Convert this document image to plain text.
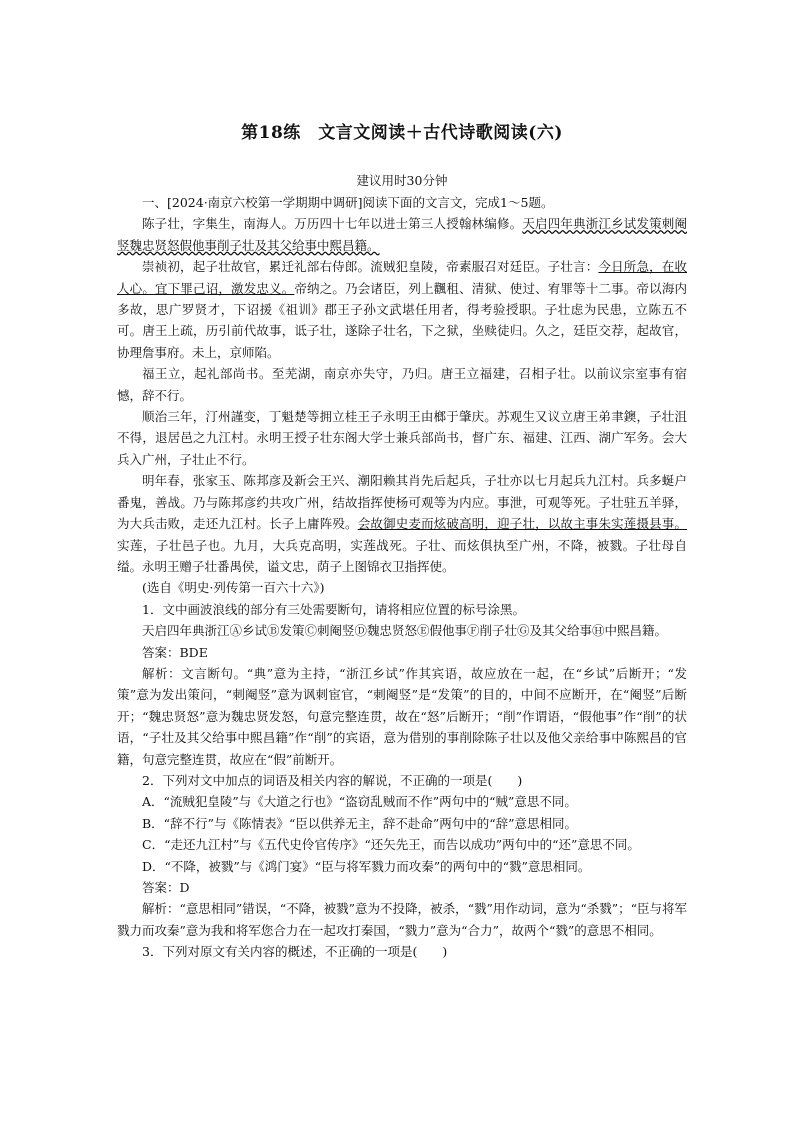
第18练　文言文阅读＋古代诗歌阅读(六)
建议用时30分钟

一、[2024·南京六校第一学期期中调研]阅读下面的文言文，完成1～5题。

陈子壮，字集生，南海人。万历四十七年以进士第三人授翰林编修。天启四年典浙江乡试发策刺阉竖魏忠贤怒假他事削子壮及其父给事中熙昌籍。

崇祯初，起子壮故官，累迁礼部右侍郎。流贼犯皇陵，帝素服召对廷臣。子壮言：今日所急，在收人心。宜下罪己诏，激发忠义。帝纳之。乃会诸臣，列上飌租、清狱、使过、宥罪等十二事。帝以海内多故，思广罗贤才，下诏援《祖训》郡王子孙文武堪任用者，得考验授职。子壮虑为民患，立陈五不可。唐王上疏，历引前代故事，诋子壮，遂除子壮名，下之狱，坐赎徒归。久之，廷臣交荐，起故官，协理詹事府。未上，京师陷。

福王立，起礼部尚书。至芜湖，南京亦失守，乃归。唐王立福建，召相子壮。以前议宗室事有宿憾，辞不行。

顺治三年，汀州謹变，丁魁楚等拥立桂王子永明王由榔于肇庆。苏观生又议立唐王弟聿鐭，子壮沮不得，退居邑之九江村。永明王授子壮东阁大学士兼兵部尚书，督广东、福建、江西、湖广军务。会大兵入广州，子壮止不行。

明年春，张家玉、陈邦彦及新会王兴、潮阳赖其肖先后起兵，子壮亦以七月起兵九江村。兵多蜒户番鬼，善战。乃与陈邦彦约共攻广州，结故指挥使杨可观等为内应。事泄，可观等死。子壮驻五羊驿，为大兵击败，走还九江村。长子上庸阵殁。会故御史麦而炫破高明，迎子壮，以故主事朱实莲摄县事。实莲，子壮邑子也。九月，大兵克高明，实莲战死。子壮、而炫俱执至广州，不降，被戮。子壮母自缢。永明王赠子壮番禺侯，谥文忠，荫子上图锦衣卫指挥使。

(选自《明史·列传第一百六十六》)

1．文中画波浪线的部分有三处需要断句，请将相应位置的标号涂黑。

天启四年典浙江Ⓐ乡试Ⓑ发策Ⓒ刺阉竖Ⓓ魏忠贤怒Ⓔ假他事Ⓕ削子壮Ⓖ及其父给事Ⓗ中熙昌籍。

答案：BDE

解析：文言断句。“典”意为主持，“浙江乡试”作其宾语，故应放在一起，在“乡试”后断开；“发策”意为发出策问，“刺阉竖”意为讽刺宦官，“刺阉竖”是“发策”的目的，中间不应断开，在“阉竖”后断开；“魏忠贤怒”意为魏忠贤发怒，句意完整连贯，故在“怒”后断开；“削”作谓语，“假他事”作“削”的状语，“子壮及其父给事中熙昌籍”作“削”的宾语，意为借别的事削除陈子壮以及他父亲给事中陈熙昌的官籍，句意完整连贯，故应在“假”前断开。

2．下列对文中加点的词语及相关内容的解说，不正确的一项是(　　)

A．“流贼犯皇陵”与《大道之行也》“盗窃乱贼而不作”两句中的“贼”意思不同。

B．“辞不行”与《陈情表》“臣以供养无主，辞不赴命”两句中的“辞”意思相同。

C．“走还九江村”与《五代史伶官传序》“还矢先王，而告以成功”两句中的“还”意思不同。

D．“不降，被戮”与《鸿门宴》“臣与将军戮力而攻秦”的两句中的“戮”意思相同。

答案：D

解析：“意思相同”错误，“不降，被戮”意为不投降，被杀，“戮”用作动词，意为“杀戮”；“臣与将军戮力而攻秦”意为我和将军您合力在一起攻打秦国，“戮力”意为“合力”，故两个“戮”的意思不相同。

3．下列对原文有关内容的概述，不正确的一项是(　　)
